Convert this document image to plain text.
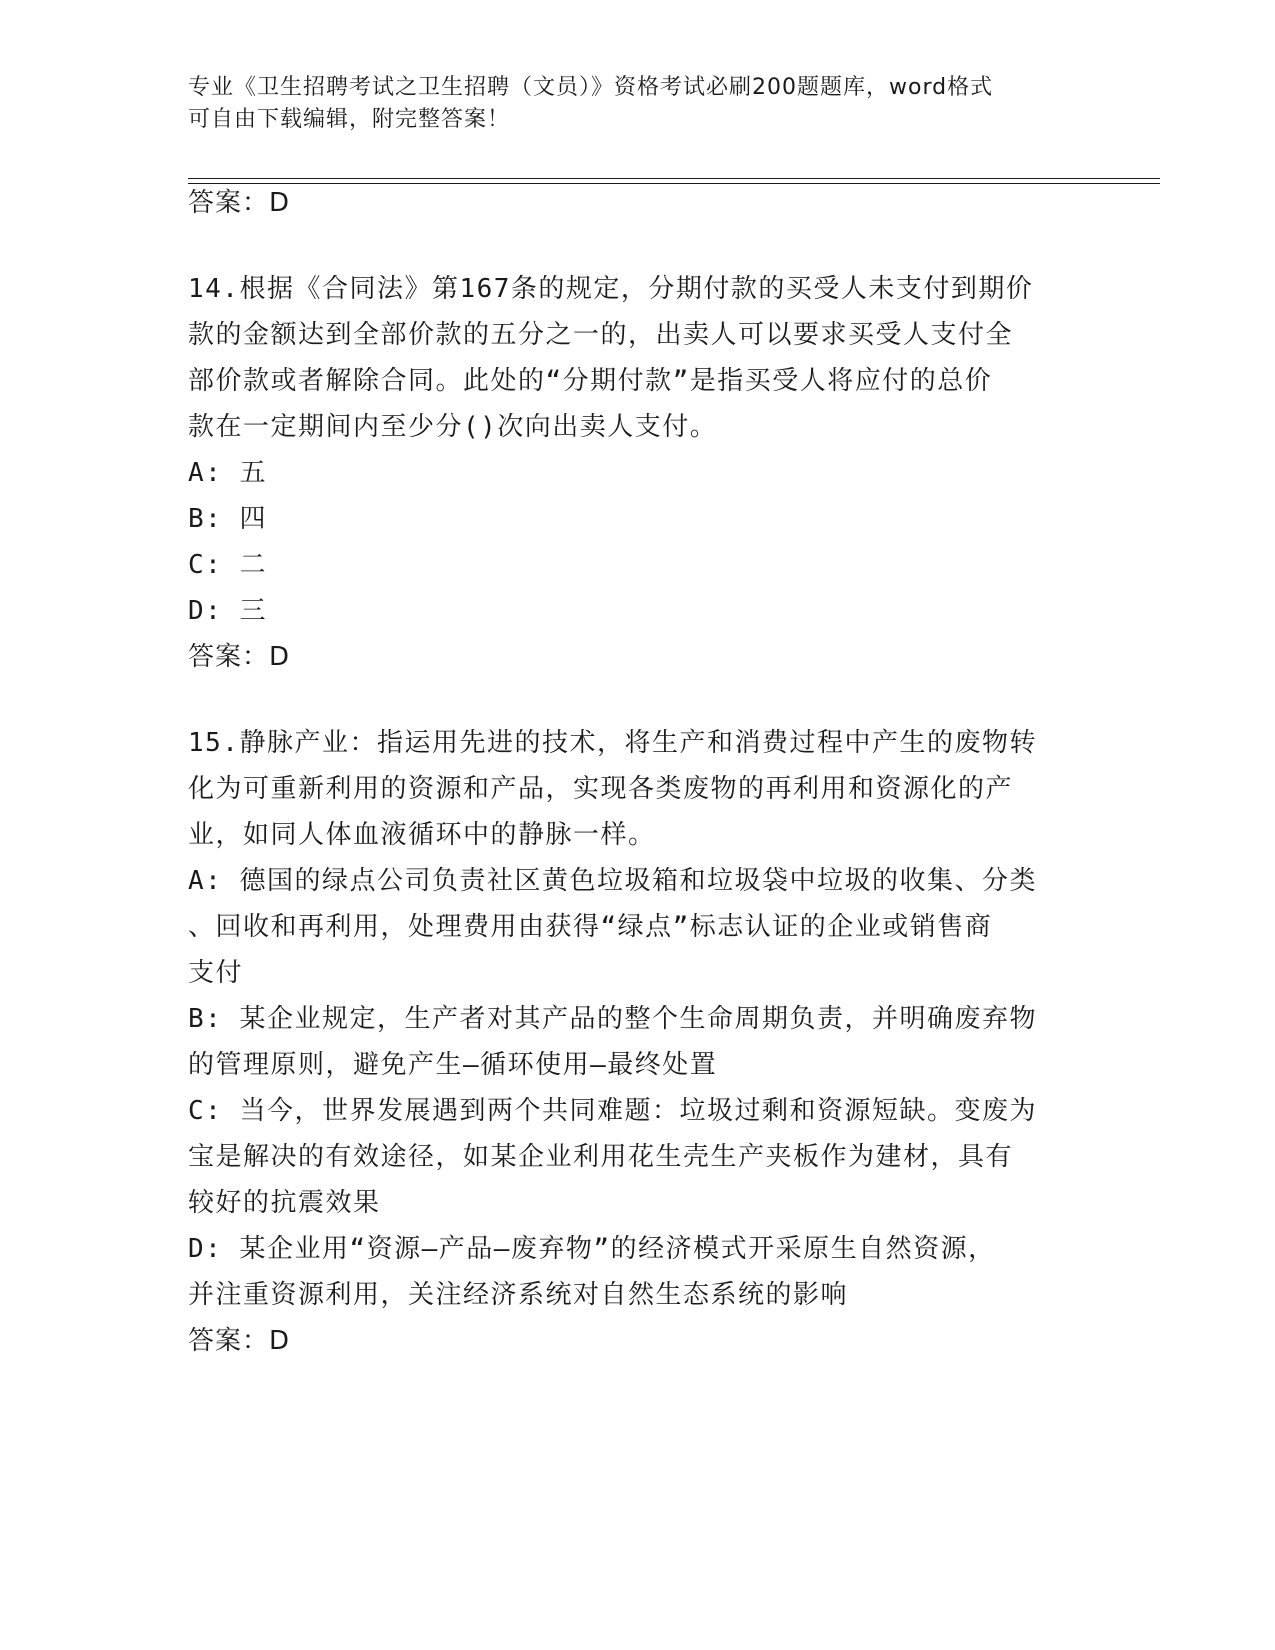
专业《卫生招聘考试之卫生招聘（文员）》资格考试必刷200题题库，word格式
可自由下载编辑，附完整答案！

答案：D

14.根据《合同法》第167条的规定，分期付款的买受人未支付到期价

款的金额达到全部价款的五分之一的，出卖人可以要求买受人支付全

部价款或者解除合同。此处的“分期付款”是指买受人将应付的总价

款在一定期间内至少分()次向出卖人支付。

A: 五

B: 四

C: 二

D: 三

答案：D

15.静脉产业：指运用先进的技术，将生产和消费过程中产生的废物转

化为可重新利用的资源和产品，实现各类废物的再利用和资源化的产

业，如同人体血液循环中的静脉一样。

A: 德国的绿点公司负责社区黄色垃圾箱和垃圾袋中垃圾的收集、分类

、回收和再利用，处理费用由获得“绿点”标志认证的企业或销售商

支付

B: 某企业规定，生产者对其产品的整个生命周期负责，并明确废弃物

的管理原则，避免产生—循环使用—最终处置

C: 当今，世界发展遇到两个共同难题：垃圾过剩和资源短缺。变废为

宝是解决的有效途径，如某企业利用花生壳生产夹板作为建材，具有

较好的抗震效果

D: 某企业用“资源—产品—废弃物”的经济模式开采原生自然资源，

并注重资源利用，关注经济系统对自然生态系统的影响

答案：D
